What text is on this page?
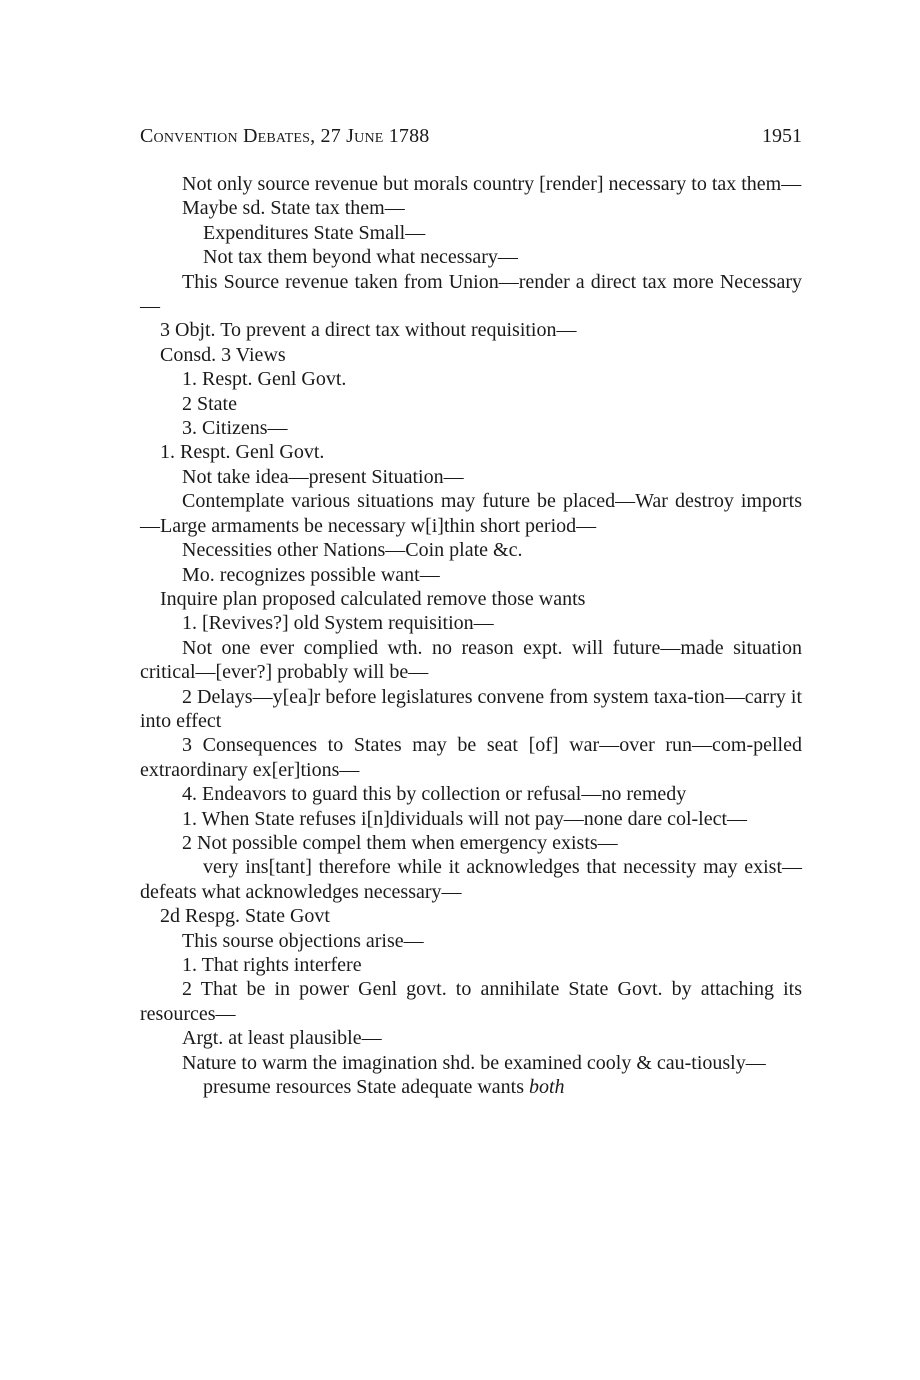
Convention Debates, 27 June 1788	1951

Not only source revenue but morals country [render] necessary to tax them—

Maybe sd. State tax them—

Expenditures State Small—

Not tax them beyond what necessary—

This Source revenue taken from Union—render a direct tax more Necessary—

3 Objt. To prevent a direct tax without requisition—

Consd. 3 Views

1. Respt. Genl Govt.

2 State

3. Citizens—

1. Respt. Genl Govt.

Not take idea—present Situation—

Contemplate various situations may future be placed—War destroy imports—Large armaments be necessary w[i]thin short period—

Necessities other Nations—Coin plate &c.

Mo. recognizes possible want—

Inquire plan proposed calculated remove those wants

1. [Revives?] old System requisition—

Not one ever complied wth. no reason expt. will future—made situation critical—[ever?] probably will be—

2 Delays—y[ea]r before legislatures convene from system taxa-tion—carry it into effect

3 Consequences to States may be seat [of] war—over run—com-pelled extraordinary ex[er]tions—

4. Endeavors to guard this by collection or refusal—no remedy

1. When State refuses i[n]dividuals will not pay—none dare col-lect—

2 Not possible compel them when emergency exists—

very ins[tant] therefore while it acknowledges that necessity may exist—defeats what acknowledges necessary—

2d Respg. State Govt

This sourse objections arise—

1. That rights interfere

2 That be in power Genl govt. to annihilate State Govt. by attaching its resources—

Argt. at least plausible—

Nature to warm the imagination shd. be examined cooly & cau-tiously—

presume resources State adequate wants both
